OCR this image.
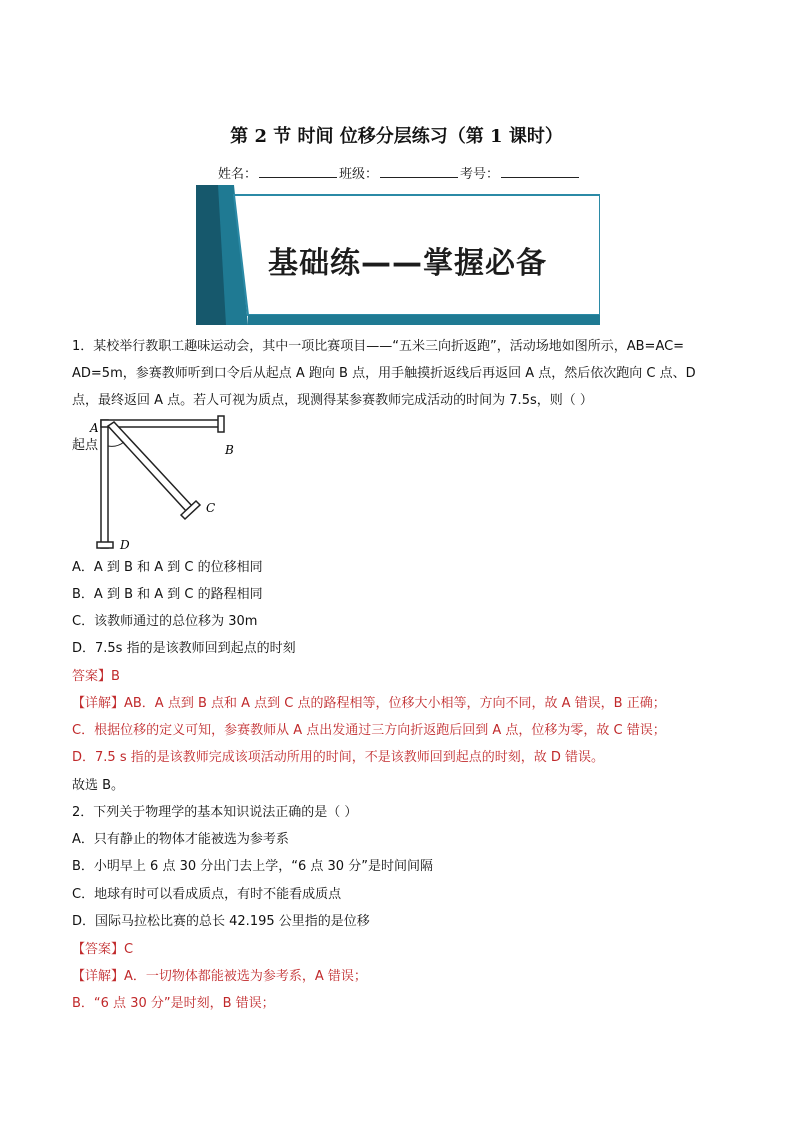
第 2 节 时间 位移分层练习（第 1 课时）
姓名：	班级：	考号：
基础练——掌握必备
1．某校举行教职工趣味运动会，其中一项比赛项目——“五米三向折返跑”，活动场地如图所示，AB=AC=
AD=5m，参赛教师听到口令后从起点 A 跑向 B 点，用手触摸折返线后再返回 A 点，然后依次跑向 C 点、D
点，最终返回 A 点。若人可视为质点，现测得某参赛教师完成活动的时间为 7.5s，则（ ）
A
起点	B
C
D
A．A 到 B 和 A 到 C 的位移相同
B．A 到 B 和 A 到 C 的路程相同
C．该教师通过的总位移为 30m
D．7.5s 指的是该教师回到起点的时刻
答案】B
【详解】AB．A 点到 B 点和 A 点到 C 点的路程相等，位移大小相等，方向不同，故 A 错误，B 正确；
C．根据位移的定义可知，参赛教师从 A 点出发通过三方向折返跑后回到 A 点，位移为零，故 C 错误；
D．7.5 s 指的是该教师完成该项活动所用的时间，不是该教师回到起点的时刻，故 D 错误。
故选 B。
2．下列关于物理学的基本知识说法正确的是（ ）
A．只有静止的物体才能被选为参考系
B．小明早上 6 点 30 分出门去上学，“6 点 30 分”是时间间隔
C．地球有时可以看成质点，有时不能看成质点
D．国际马拉松比赛的总长 42.195 公里指的是位移
【答案】C
【详解】A．一切物体都能被选为参考系，A 错误；
B．“6 点 30 分”是时刻，B 错误；
